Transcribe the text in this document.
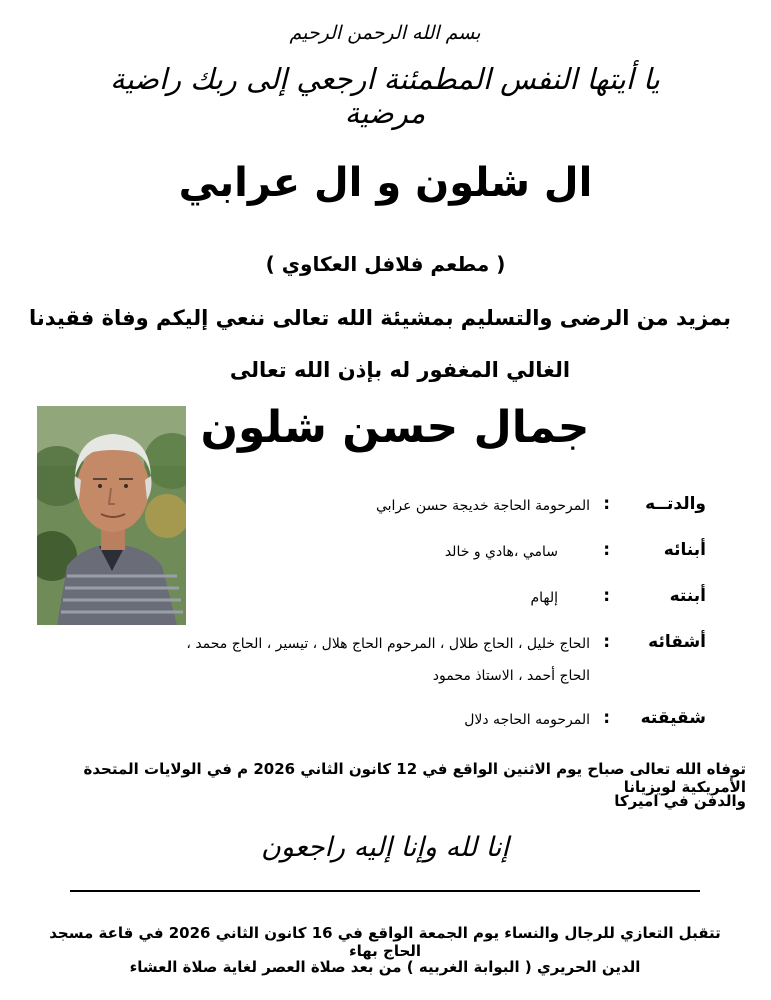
بسم الله الرحمن الرحيم
يا أيتها النفس المطمئنة ارجعي إلى ربك راضية مرضية
ال شلون و ال عرابي
( مطعم فلافل العكاوي )
بمزيد من الرضى والتسليم بمشيئة الله تعالى ننعي إليكم وفاة فقيدنا
الغالي المغفور له بإذن الله تعالى
جمال حسن شلون
والدتــه
:
المرحومة الحاجة خديجة حسن عرابي
أبنائه
:
سامي ،هادي و خالد
أبنته
:
إلهام
أشقائه
:
الحاج خليل ، الحاج طلال ، المرحوم الحاج هلال ، تيسير ، الحاج محمد ،
الحاج أحمد ، الاستاذ محمود
شقيقته
:
المرحومه الحاجه دلال
توفاه الله تعالى صباح يوم الاثنين الواقع في 12 كانون الثاني 2026 م في الولايات المتحدة الأمريكية لويزيانا
والدفن في اميركا
إنا لله وإنا إليه راجعون
تتقبل التعازي للرجال والنساء يوم الجمعة الواقع في 16 كانون الثاني 2026 في قاعة مسجد الحاج بهاء
الدين الحريري ( البوابة الغربيه ) من بعد صلاة العصر لغاية صلاة العشاء
